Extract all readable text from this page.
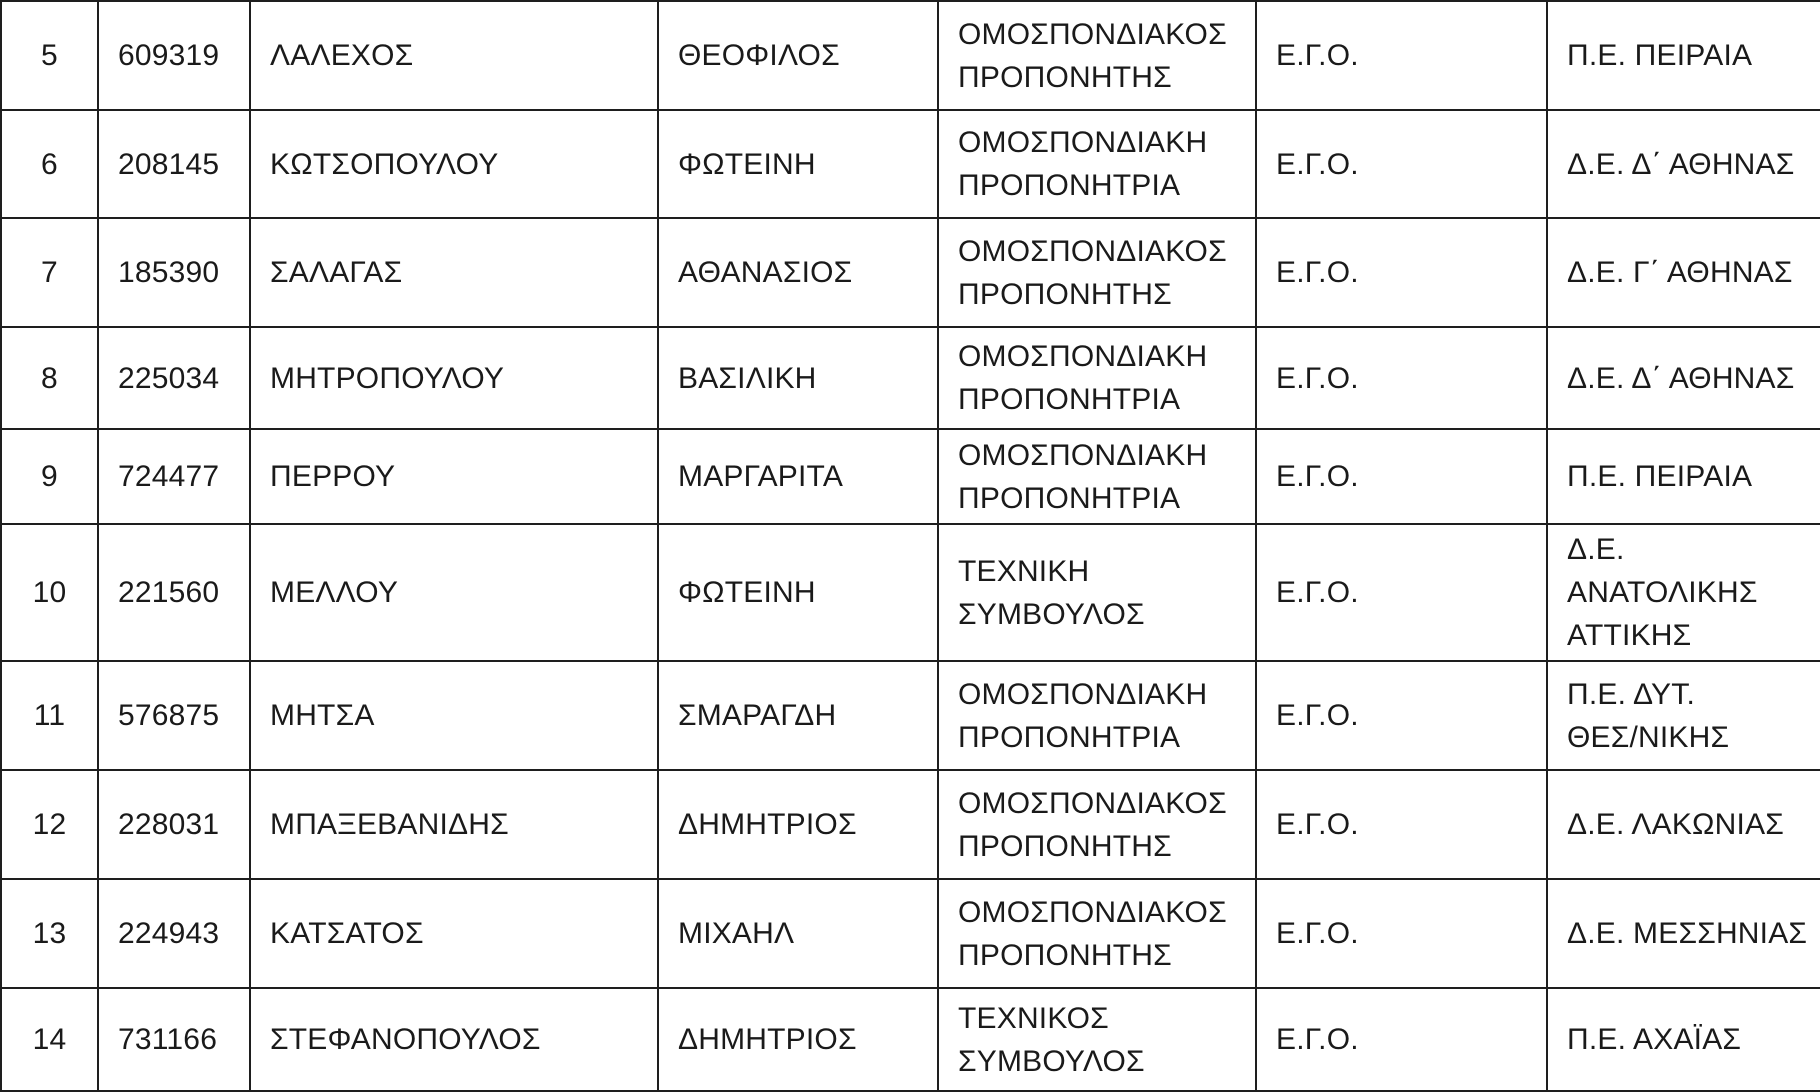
5	609319	ΛΑΛΕΧΟΣ	ΘΕΟΦΙΛΟΣ	ΟΜΟΣΠΟΝΔΙΑΚΟΣ
ΠΡΟΠΟΝΗΤΗΣ	Ε.Γ.Ο.	Π.Ε. ΠΕΙΡΑΙΑ

6	208145	ΚΩΤΣΟΠΟΥΛΟΥ	ΦΩΤΕΙΝΗ	ΟΜΟΣΠΟΝΔΙΑΚΗ
ΠΡΟΠΟΝΗΤΡΙΑ	Ε.Γ.Ο.	Δ.Ε. Δ΄ ΑΘΗΝΑΣ

7	185390	ΣΑΛΑΓΑΣ	ΑΘΑΝΑΣΙΟΣ	ΟΜΟΣΠΟΝΔΙΑΚΟΣ
ΠΡΟΠΟΝΗΤΗΣ	Ε.Γ.Ο.	Δ.Ε. Γ΄ ΑΘΗΝΑΣ

8	225034	ΜΗΤΡΟΠΟΥΛΟΥ	ΒΑΣΙΛΙΚΗ	ΟΜΟΣΠΟΝΔΙΑΚΗ
ΠΡΟΠΟΝΗΤΡΙΑ	Ε.Γ.Ο.	Δ.Ε. Δ΄ ΑΘΗΝΑΣ

9	724477	ΠΕΡΡΟΥ	ΜΑΡΓΑΡΙΤΑ	ΟΜΟΣΠΟΝΔΙΑΚΗ
ΠΡΟΠΟΝΗΤΡΙΑ	Ε.Γ.Ο.	Π.Ε. ΠΕΙΡΑΙΑ

10	221560	ΜΕΛΛΟΥ	ΦΩΤΕΙΝΗ	ΤΕΧΝΙΚΗ
ΣΥΜΒΟΥΛΟΣ	Ε.Γ.Ο.	Δ.Ε.
ΑΝΑΤΟΛΙΚΗΣ
ΑΤΤΙΚΗΣ

11	576875	ΜΗΤΣΑ	ΣΜΑΡΑΓΔΗ	ΟΜΟΣΠΟΝΔΙΑΚΗ
ΠΡΟΠΟΝΗΤΡΙΑ	Ε.Γ.Ο.	Π.Ε. ΔΥΤ.
ΘΕΣ/ΝΙΚΗΣ

12	228031	ΜΠΑΞΕΒΑΝΙΔΗΣ	ΔΗΜΗΤΡΙΟΣ	ΟΜΟΣΠΟΝΔΙΑΚΟΣ
ΠΡΟΠΟΝΗΤΗΣ	Ε.Γ.Ο.	Δ.Ε. ΛΑΚΩΝΙΑΣ

13	224943	ΚΑΤΣΑΤΟΣ	ΜΙΧΑΗΛ	ΟΜΟΣΠΟΝΔΙΑΚΟΣ
ΠΡΟΠΟΝΗΤΗΣ	Ε.Γ.Ο.	Δ.Ε. ΜΕΣΣΗΝΙΑΣ

14	731166	ΣΤΕΦΑΝΟΠΟΥΛΟΣ	ΔΗΜΗΤΡΙΟΣ	ΤΕΧΝΙΚΟΣ
ΣΥΜΒΟΥΛΟΣ	Ε.Γ.Ο.	Π.Ε. ΑΧΑΪΑΣ
